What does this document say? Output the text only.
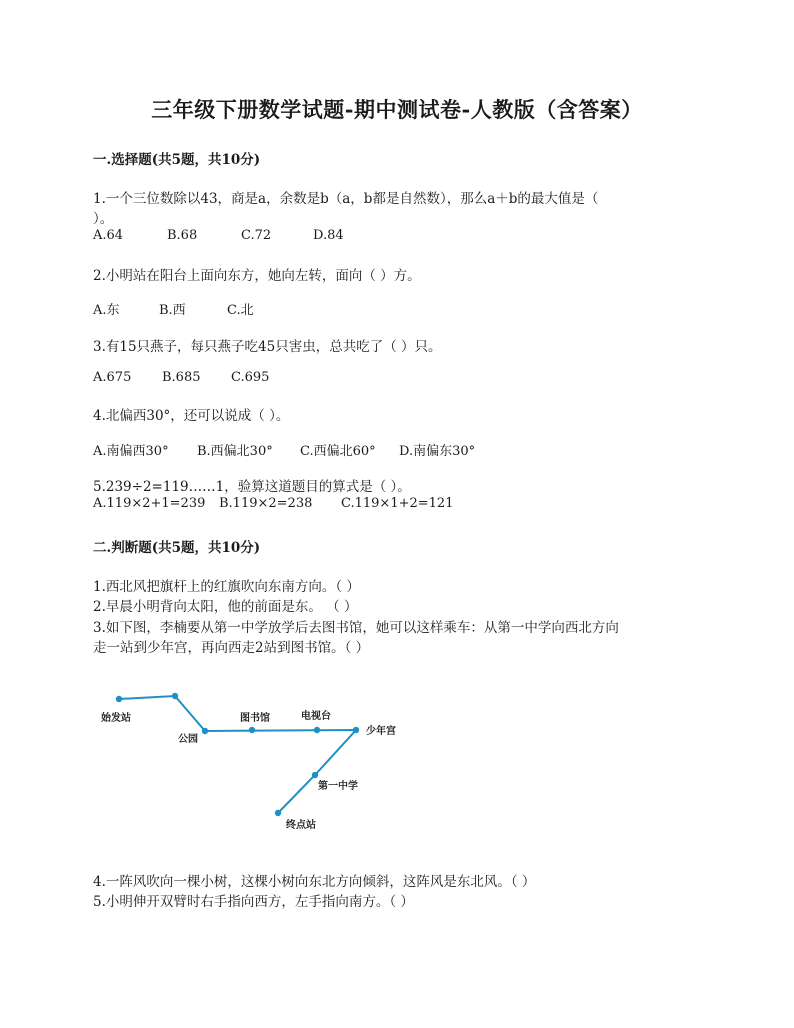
三年级下册数学试题-期中测试卷-人教版（含答案）
一.选择题(共5题，共10分)
1.一个三位数除以43，商是a，余数是b（a，b都是自然数），那么a＋b的最大值是（
）。
A.64	B.68	C.72	D.84
2.小明站在阳台上面向东方，她向左转，面向（ ）方。
A.东	B.西	C.北
3.有15只燕子，每只燕子吃45只害虫，总共吃了（ ）只。
A.675 B.685 C.695
4.北偏西30°，还可以说成（ ）。
A.南偏西30° B.西偏北30° C.西偏北60° D.南偏东30°
5.239÷2=119……1，验算这道题目的算式是（ ）。
A.119×2+1=239 B.119×2=238 C.119×1+2=121
二.判断题(共5题，共10分)
1.西北风把旗杆上的红旗吹向东南方向。（ ）
2.早晨小明背向太阳，他的前面是东。 （ ）
3.如下图，李楠要从第一中学放学后去图书馆，她可以这样乘车：从第一中学向西北方向
走一站到少年宫，再向西走2站到图书馆。（ ）
始发站
公园
图书馆	电视台
少年宫
第一中学
终点站
4.一阵风吹向一棵小树，这棵小树向东北方向倾斜，这阵风是东北风。（ ）
5.小明伸开双臂时右手指向西方，左手指向南方。（ ）
